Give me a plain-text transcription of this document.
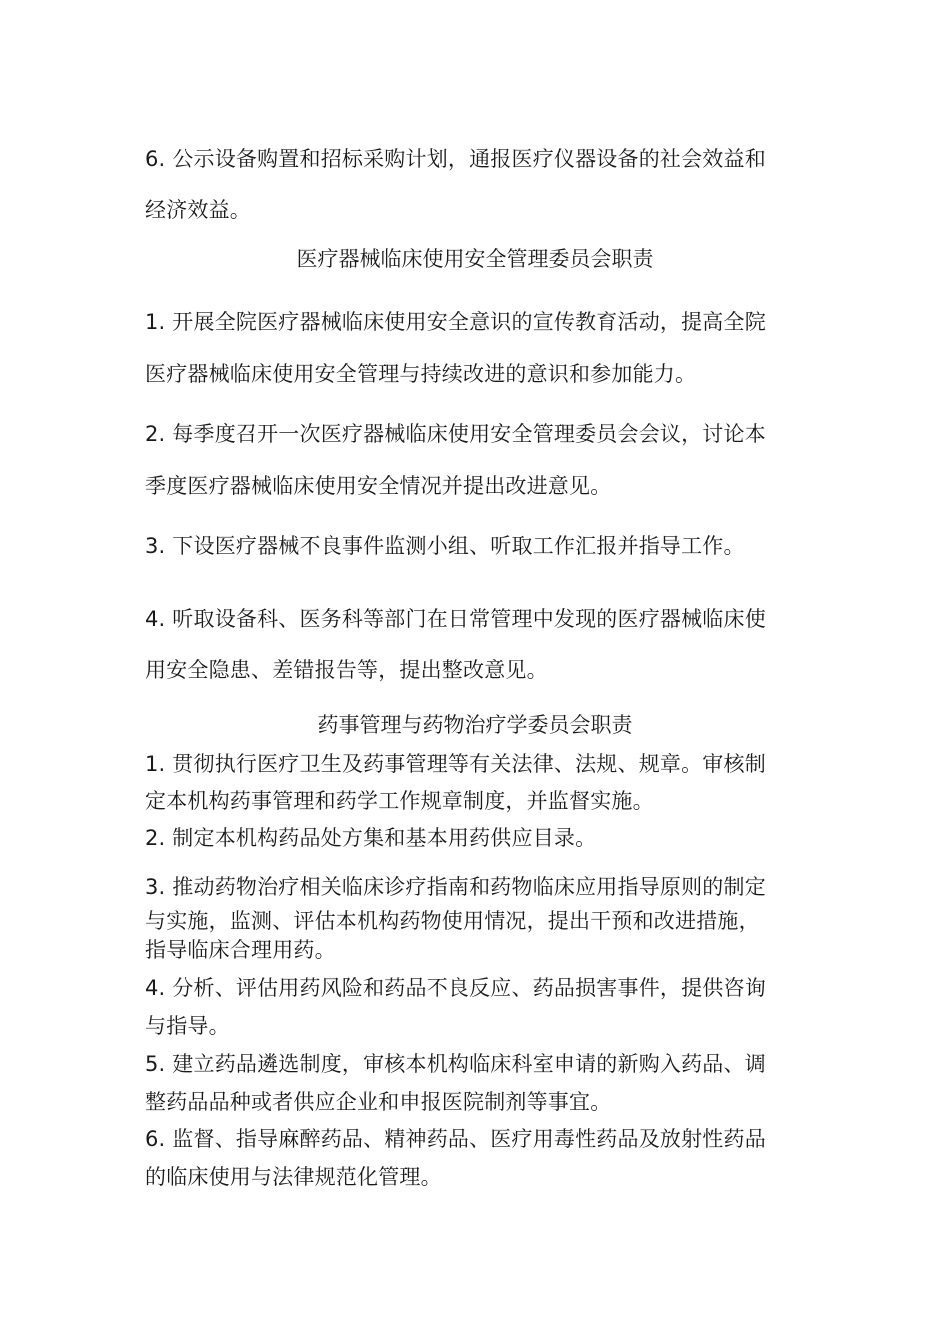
6. 公示设备购置和招标采购计划，通报医疗仪器设备的社会效益和
经济效益。
医疗器械临床使用安全管理委员会职责
1. 开展全院医疗器械临床使用安全意识的宣传教育活动，提高全院
医疗器械临床使用安全管理与持续改进的意识和参加能力。
2. 每季度召开一次医疗器械临床使用安全管理委员会会议，讨论本
季度医疗器械临床使用安全情况并提出改进意见。
3. 下设医疗器械不良事件监测小组、听取工作汇报并指导工作。
4. 听取设备科、医务科等部门在日常管理中发现的医疗器械临床使
用安全隐患、差错报告等，提出整改意见。
药事管理与药物治疗学委员会职责
1. 贯彻执行医疗卫生及药事管理等有关法律、法规、规章。审核制
定本机构药事管理和药学工作规章制度，并监督实施。
2. 制定本机构药品处方集和基本用药供应目录。
3. 推动药物治疗相关临床诊疗指南和药物临床应用指导原则的制定
与实施，监测、评估本机构药物使用情况，提出干预和改进措施，
指导临床合理用药。
4. 分析、评估用药风险和药品不良反应、药品损害事件，提供咨询
与指导。
5. 建立药品遴选制度，审核本机构临床科室申请的新购入药品、调
整药品品种或者供应企业和申报医院制剂等事宜。
6. 监督、指导麻醉药品、精神药品、医疗用毒性药品及放射性药品
的临床使用与法律规范化管理。
